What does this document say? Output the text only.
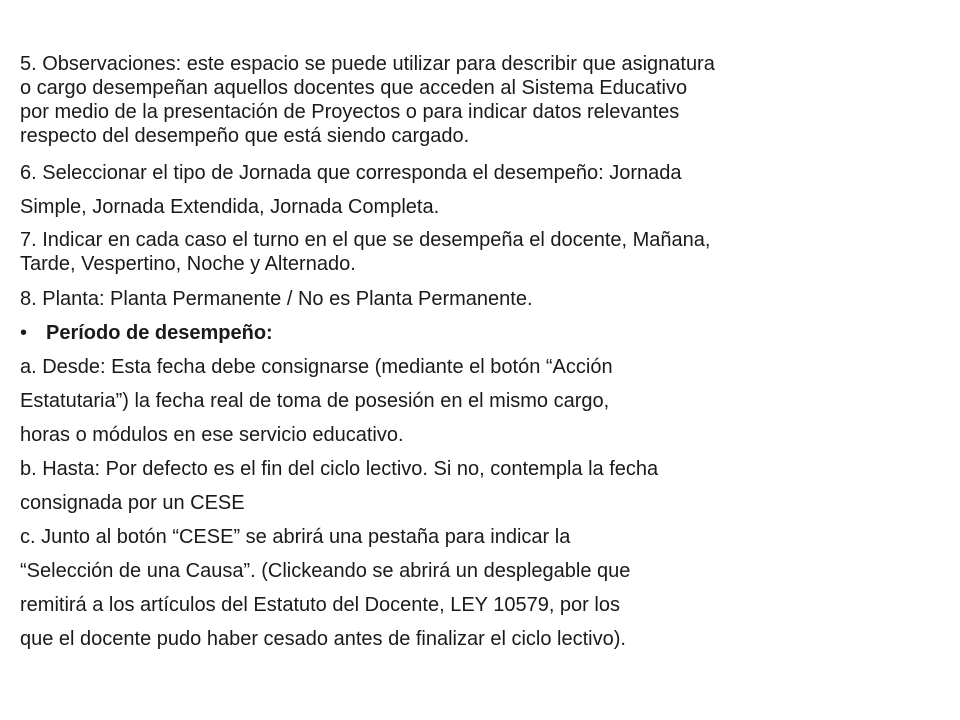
5. Observaciones: este espacio se puede utilizar para describir que asignatura
o cargo desempeñan aquellos docentes que acceden al Sistema Educativo
por medio de la presentación de Proyectos o para indicar datos relevantes
respecto del desempeño que está siendo cargado.

6. Seleccionar el tipo de Jornada que corresponda el desempeño: Jornada
Simple, Jornada Extendida, Jornada Completa.

7. Indicar en cada caso el turno en el que se desempeña el docente, Mañana,
Tarde, Vespertino, Noche y Alternado.

8. Planta: Planta Permanente / No es Planta Permanente.

• Período de desempeño:

a. Desde: Esta fecha debe consignarse (mediante el botón “Acción
Estatutaria”) la fecha real de toma de posesión en el mismo cargo,
horas o módulos en ese servicio educativo.

b. Hasta: Por defecto es el fin del ciclo lectivo. Si no, contempla la fecha
consignada por un CESE

c. Junto al botón “CESE” se abrirá una pestaña para indicar la
“Selección de una Causa”. (Clickeando se abrirá un desplegable que
remitirá a los artículos del Estatuto del Docente, LEY 10579, por los
que el docente pudo haber cesado antes de finalizar el ciclo lectivo).
